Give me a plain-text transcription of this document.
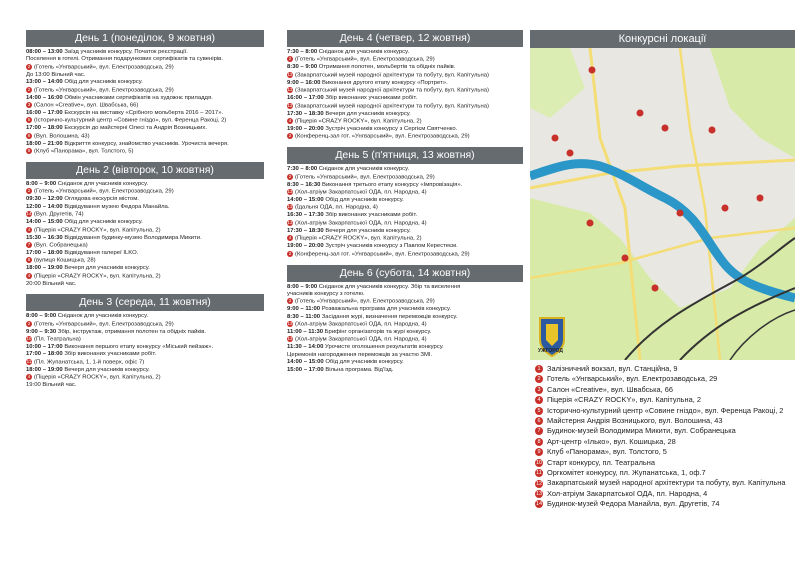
День 1 (понеділок, 9 жовтня)
08:00 – 13:00 Заїзд учасників конкурсу. Початок реєстрації.
Поселення в готелі. Отримання подарункових сертифікатів та сувенірів.
2 (Готель «Унгварський», вул. Електрозаводська, 29)
До 13:00 Вільний час.
13:00 – 14:00 Обід для учасників конкурсу.
2 (Готель «Унгварський», вул. Електрозаводська, 29)
14:00 – 16:00 Обмін учасниками сертифікатів на художнє приладдя.
3 (Салон «Creative», вул. Швабська, 66)
16:00 – 17:00 Екскурсія на виставку «Срібного мольберта 2016 – 2017».
5 (Історично-культурний центр «Совине гніздо», вул. Ференца Ракоці, 2)
17:00 – 18:00 Екскурсія до майстерні Олесі та Андрія Возницьких.
6 (Вул. Волошина, 43)
18:00 – 21:00 Відкриття конкурсу, знайомство учасників. Урочиста вечеря.
9 (Клуб «Панорама», вул. Толстого, 5)
День 2 (вівторок, 10 жовтня)
8:00 – 9:00 Сніданок для учасників конкурсу.
2 (Готель «Унгварський», вул. Електрозаводська, 29)
09:30 – 12:00 Оглядова екскурсія містом.
12:00 – 14:00 Відвідування музею Федора Манайла.
14 (Вул. Другетів, 74)
14:00 – 15:00 Обід для учасників конкурсу.
4 (Піцерія «CRAZY ROCKY», вул. Капітульна, 2)
15:30 – 16:30 Відвідування будинку-музею Володимира Микити.
7 (Вул. Собранецька)
17:00 – 18:00 Відвідування галереї ILKO.
8 (вулиця Кошицька, 28)
18:00 – 19:00 Вечеря для учасників конкурсу.
4 (Піцерія «CRAZY ROCKY», вул. Капітульна, 2)
20:00 Вільний час.
День 3 (середа, 11 жовтня)
8:00 – 9:00 Сніданок для учасників конкурсу.
2 (Готель «Унгварський», вул. Електрозаводська, 29)
9:00 – 9:30 Збір, інструктаж, отримання полотен та обідніх пайків.
10 (Пл. Театральна)
10:00 – 17:00 Виконання першого етапу конкурсу «Міський пейзаж».
17:00 – 18:00 Збір виконаних учасниками робіт.
11 (Пл. Жупанатська, 1, 1-й поверх, офіс 7)
18:00 – 19:00 Вечеря для учасників конкурсу.
4 (Піцерія «CRAZY ROCKY», вул. Капітульна, 2)
19:00 Вільний час.
День 4 (четвер, 12 жовтня)
7:30 – 8:00 Сніданок для учасників конкурсу.
2 (Готель «Унгварський», вул. Електрозаводська, 29)
8:30 – 9:00 Отримання полотен, мольбертів та обідніх пайків.
12 (Закарпатський музей народної архітектури та побуту, вул. Капітульна)
9:00 – 16:00 Виконання другого етапу конкурсу «Портрет».
12 (Закарпатський музей народної архітектури та побуту, вул. Капітульна)
16:00 – 17:00 Збір виконаних учасниками робіт.
12 (Закарпатський музей народної архітектури та побуту, вул. Капітульна)
17:30 – 18:30 Вечеря для учасників конкурсу.
4 (Піцерія «CRAZY ROCKY», вул. Капітульна, 2)
19:00 – 20:00 Зустріч учасників конкурсу з Сергієм Святченко.
2 (Конференц-зал гот. «Унгварський», вул. Електрозаводська, 29)
День 5 (п'ятниця, 13 жовтня)
7:30 – 8:00 Сніданок для учасників конкурсу.
2 (Готель «Унгварський», вул. Електрозаводська, 29)
8:30 – 16:30 Виконання третього етапу конкурсу «Імпровізація».
13 (Хол-атріум Закарпатської ОДА, пл. Народна, 4)
14:00 – 15:00 Обід для учасників конкурсу.
13 (Їдальня ОДА, пл. Народна, 4)
16:30 – 17:30 Збір виконаних учасниками робіт.
13 (Хол-атріум Закарпатської ОДА, пл. Народна, 4)
17:30 – 18:30 Вечеря для учасників конкурсу.
4 (Піцерія «CRAZY ROCKY», вул. Капітульна, 2)
19:00 – 20:00 Зустріч учасників конкурсу з Павлом Керестеєм.
2 (Конференц-зал гот. «Унгварський», вул. Електрозаводська, 29)
День 6 (субота, 14 жовтня)
8:00 – 9:00 Сніданок для учасників конкурсу. Збір та виселення
учасників конкурсу з готелю.
2 (Готель «Унгварський», вул. Електрозаводська, 29)
9:00 – 11:00 Розважальна програма для учасників конкурсу.
8:30 – 11:00 Засідання журі, визначення переможців конкурсу.
13 (Хол-атріум Закарпатської ОДА, пл. Народна, 4)
11:00 – 11:30 Брифінг організаторів та журі конкурсу.
13 (Хол-атріум Закарпатської ОДА, пл. Народна, 4)
11:30 – 14:00 Урочисте оголошення результатів конкурсу.
Церемонія нагородження переможців за участю ЗМІ.
14:00 – 15:00 Обід для учасників конкурсу.
15:00 – 17:00 Вільна програма. Від'їзд.
Конкурсні локації
УЖГОРОД
1 Залізничний вокзал, вул. Станційна, 9
2 Готель «Унгварський», вул. Електрозаводська, 29
3 Салон «Creative», вул. Швабська, 66
4 Піцерія «CRAZY ROCKY», вул. Капітульна, 2
5 Історично-культурний центр «Совине гніздо», вул. Ференца Ракоці, 2
6 Майстерня Андрія Возницького, вул. Волошина, 43
7 Будинок-музей Володимира Микити, вул. Собранецька
8 Арт-центр «Ілько», вул. Кошицька, 28
9 Клуб «Панорама», вул. Толстого, 5
10 Старт конкурсу, пл. Театральна
11 Оргкомітет конкурсу, пл. Жупанатська, 1, оф.7
12 Закарпатський музей народної архітектури та побуту, вул. Капітульна
13 Хол-атріум Закарпатської ОДА, пл. Народна, 4
14 Будинок-музей Федора Манайла, вул. Другетів, 74
